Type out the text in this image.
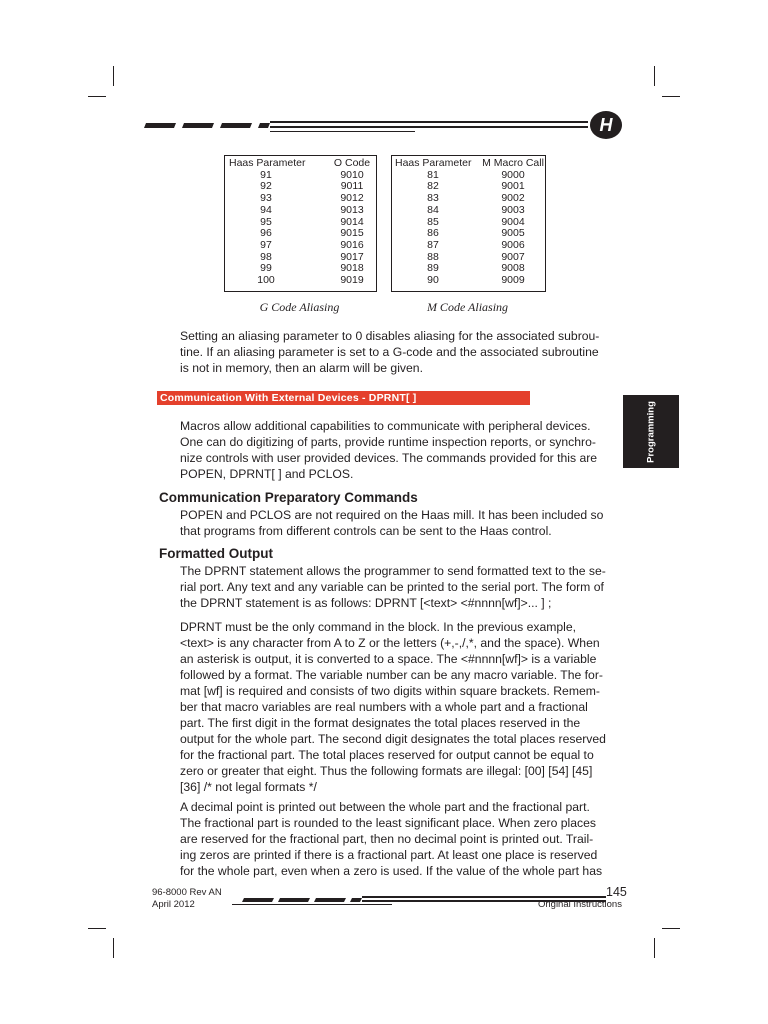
H
Haas Parameter
91
92
93
94
95
96
97
98
99
100
O Code
9010
9011
9012
9013
9014
9015
9016
9017
9018
9019
G Code Aliasing
Haas Parameter
81
82
83
84
85
86
87
88
89
90
M Macro Call
9000
9001
9002
9003
9004
9005
9006
9007
9008
9009
M Code Aliasing
Setting an aliasing parameter to 0 disables aliasing for the associated subrou-
tine. If an aliasing parameter is set to a G-code and the associated subroutine
is not in memory, then an alarm will be given.
Communication With External Devices - DPRNT[ ]
Programming
Macros allow additional capabilities to communicate with peripheral devices.
One can do digitizing of parts, provide runtime inspection reports, or synchro-
nize controls with user provided devices. The commands provided for this are
POPEN, DPRNT[ ] and PCLOS.
Communication Preparatory Commands
POPEN and PCLOS are not required on the Haas mill. It has been included so
that programs from different controls can be sent to the Haas control.
Formatted Output
The DPRNT statement allows the programmer to send formatted text to the se-
rial port. Any text and any variable can be printed to the serial port. The form of
the DPRNT statement is as follows: DPRNT [<text> <#nnnn[wf]>... ] ;
DPRNT must be the only command in the block. In the previous example,
<text> is any character from A to Z or the letters (+,-,/,*, and the space). When
an asterisk is output, it is converted to a space. The <#nnnn[wf]> is a variable
followed by a format. The variable number can be any macro variable. The for-
mat [wf] is required and consists of two digits within square brackets. Remem-
ber that macro variables are real numbers with a whole part and a fractional
part. The first digit in the format designates the total places reserved in the
output for the whole part. The second digit designates the total places reserved
for the fractional part. The total places reserved for output cannot be equal to
zero or greater that eight. Thus the following formats are illegal: [00] [54] [45]
[36] /* not legal formats */
A decimal point is printed out between the whole part and the fractional part.
The fractional part is rounded to the least significant place. When zero places
are reserved for the fractional part, then no decimal point is printed out. Trail-
ing zeros are printed if there is a fractional part. At least one place is reserved
for the whole part, even when a zero is used. If the value of the whole part has
96-8000 Rev AN
April 2012
145
Original Instructions
